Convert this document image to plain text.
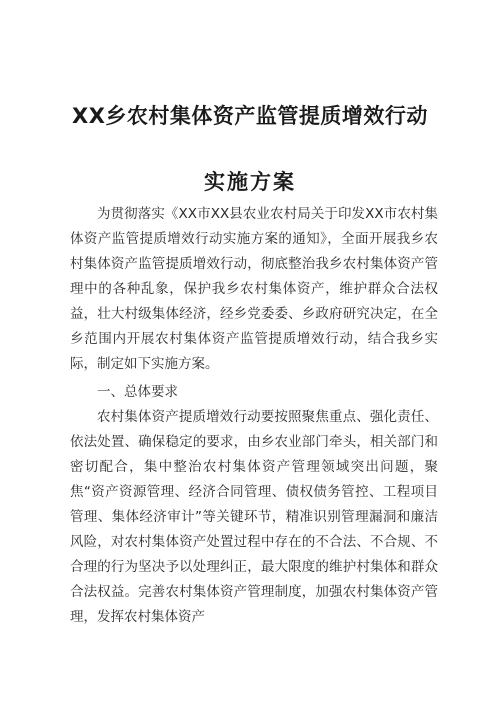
XX乡农村集体资产监管提质增效行动
实施方案

为贯彻落实《XX市XX县农业农村局关于印发XX市农村集体资产监管提质增效行动实施方案的通知》，全面开展我乡农村集体资产监管提质增效行动，彻底整治我乡农村集体资产管理中的各种乱象，保护我乡农村集体资产，维护群众合法权益，壮大村级集体经济，经乡党委委、乡政府研究决定，在全乡范围内开展农村集体资产监管提质增效行动，结合我乡实际，制定如下实施方案。

一、总体要求

农村集体资产提质增效行动要按照聚焦重点、强化责任、依法处置、确保稳定的要求，由乡农业部门牵头，相关部门和密切配合，集中整治农村集体资产管理领域突出问题，聚焦“资产资源管理、经济合同管理、债权债务管控、工程项目管理、集体经济审计”等关键环节，精准识别管理漏洞和廉洁风险，对农村集体资产处置过程中存在的不合法、不合规、不合理的行为坚决予以处理纠正，最大限度的维护村集体和群众合法权益。完善农村集体资产管理制度，加强农村集体资产管理，发挥农村集体资产
